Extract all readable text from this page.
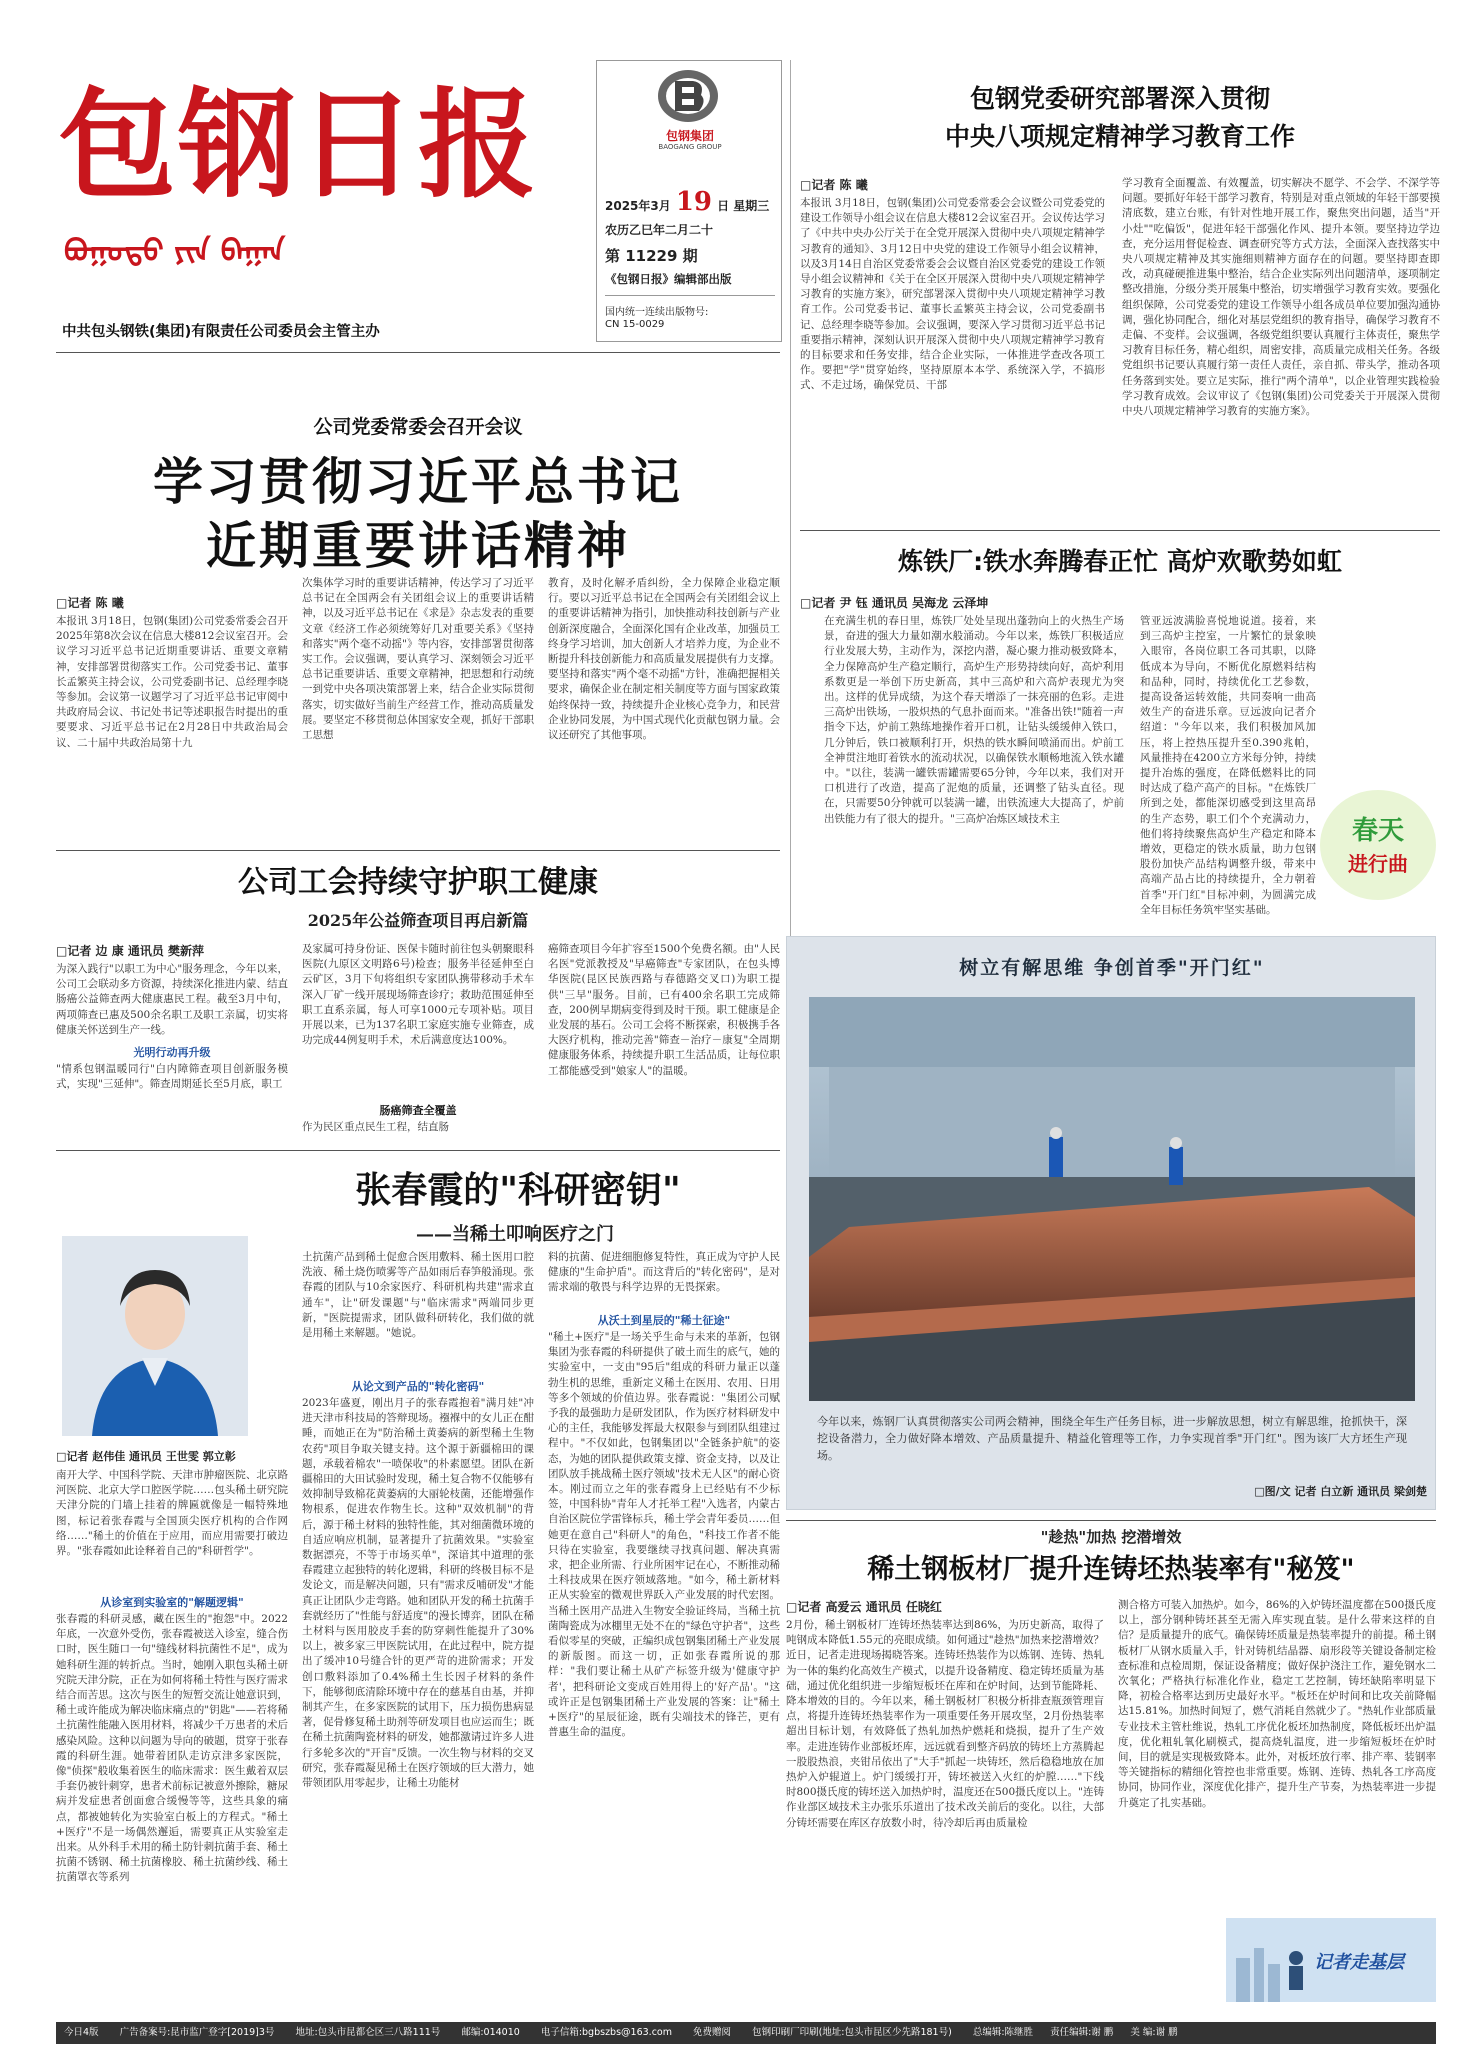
包钢日报
ᠪᠣᠭᠣᠲᠤ ᠶᠢᠨ ᠪᠠᠭᠠᠨ
中共包头钢铁(集团)有限责任公司委员会主管主办
包钢集团
BAOGANG GROUP
2025年3月 19 日 星期三
农历乙巳年二月二十
第 11229 期
《包钢日报》编辑部出版
国内统一连续出版物号:
CN 15-0029
公司党委常委会召开会议
学习贯彻习近平总书记
近期重要讲话精神
□记者 陈 曦
本报讯 3月18日，包钢(集团)公司党委常委会召开2025年第8次会议在信息大楼812会议室召开。会议学习习近平总书记近期重要讲话、重要文章精神，安排部署贯彻落实工作。公司党委书记、董事长孟繁英主持会议，公司党委副书记、总经理李晓等参加。会议第一议题学习了习近平总书记审阅中共政府局会议、书记处书记等述职报告时提出的重要要求、习近平总书记在2月28日中共政治局会议、二十届中共政治局第十九
次集体学习时的重要讲话精神，传达学习了习近平总书记在全国两会有关团组会议上的重要讲话精神，以及习近平总书记在《求是》杂志发表的重要文章《经济工作必须统筹好几对重要关系》《坚持和落实"两个毫不动摇"》等内容，安排部署贯彻落实工作。会议强调，要认真学习、深刻领会习近平总书记重要讲话、重要文章精神，把思想和行动统一到党中央各项决策部署上来，结合企业实际贯彻落实，切实做好当前生产经营工作，推动高质量发展。要坚定不移贯彻总体国家安全观，抓好干部职工思想
教育，及时化解矛盾纠纷，全力保障企业稳定顺行。要以习近平总书记在全国两会有关团组会议上的重要讲话精神为指引，加快推动科技创新与产业创新深度融合，全面深化国有企业改革，加强员工终身学习培训，加大创新人才培养力度，为企业不断提升科技创新能力和高质量发展提供有力支撑。要坚持和落实"两个毫不动摇"方针，准确把握相关要求，确保企业在制定相关制度等方面与国家政策始终保持一致，持续提升企业核心竞争力，和民营企业协同发展，为中国式现代化贡献包钢力量。会议还研究了其他事项。
包钢党委研究部署深入贯彻
中央八项规定精神学习教育工作
□记者 陈 曦
本报讯 3月18日，包钢(集团)公司党委常委会会议暨公司党委党的建设工作领导小组会议在信息大楼812会议室召开。会议传达学习了《中共中央办公厅关于在全党开展深入贯彻中央八项规定精神学习教育的通知》、3月12日中央党的建设工作领导小组会议精神，以及3月14日自治区党委常委会会议暨自治区党委党的建设工作领导小组会议精神和《关于在全区开展深入贯彻中央八项规定精神学习教育的实施方案》，研究部署深入贯彻中央八项规定精神学习教育工作。公司党委书记、董事长孟繁英主持会议，公司党委副书记、总经理李晓等参加。会议强调，要深入学习贯彻习近平总书记重要指示精神，深刻认识开展深入贯彻中央八项规定精神学习教育的目标要求和任务安排，结合企业实际，一体推进学查改各项工作。要把"学"贯穿始终，坚持原原本本学、系统深入学，不搞形式、不走过场，确保党员、干部
学习教育全面覆盖、有效覆盖，切实解决不愿学、不会学、不深学等问题。要抓好年轻干部学习教育，特别是对重点领域的年轻干部要摸清底数，建立台账，有针对性地开展工作，聚焦突出问题，适当"开小灶""吃偏饭"，促进年轻干部强化作风、提升本领。要坚持边学边查，充分运用督促检查、调查研究等方式方法，全面深入查找落实中央八项规定精神及其实施细则精神方面存在的问题。要坚持即查即改，动真碰硬推进集中整治，结合企业实际列出问题清单，逐项制定整改措施，分级分类开展集中整治，切实增强学习教育实效。要强化组织保障，公司党委党的建设工作领导小组各成员单位要加强沟通协调，强化协同配合，细化对基层党组织的教育指导，确保学习教育不走偏、不变样。会议强调，各级党组织要认真履行主体责任，聚焦学习教育目标任务，精心组织，周密安排，高质量完成相关任务。各级党组织书记要认真履行第一责任人责任，亲自抓、带头学，推动各项任务落到实处。要立足实际，推行"两个清单"，以企业管理实践检验学习教育成效。会议审议了《包钢(集团)公司党委关于开展深入贯彻中央八项规定精神学习教育的实施方案》。
炼铁厂:铁水奔腾春正忙 高炉欢歌势如虹
□记者 尹 钰 通讯员 吴海龙 云泽坤
在充满生机的春日里，炼铁厂处处呈现出蓬勃向上的火热生产场景，奋进的强大力量如潮水般涌动。今年以来，炼铁厂积极适应行业发展大势，主动作为，深挖内潜，凝心聚力推动极致降本，全力保障高炉生产稳定顺行，高炉生产形势持续向好，高炉利用系数更是一举创下历史新高，其中三高炉和六高炉表现尤为突出。这样的优异成绩，为这个春天增添了一抹亮丽的色彩。走进三高炉出铁场，一股炽热的气息扑面而来。"准备出铁!"随着一声指令下达，炉前工熟练地操作着开口机，让钻头缓缓伸入铁口，几分钟后，铁口被顺利打开，炽热的铁水瞬间喷涌而出。炉前工全神贯注地盯着铁水的流动状况，以确保铁水顺畅地流入铁水罐中。"以往，装满一罐铁需罐需要65分钟，今年以来，我们对开口机进行了改造，提高了泥炮的质量，还调整了钻头直径。现在，只需要50分钟就可以装满一罐，出铁流速大大提高了，炉前出铁能力有了很大的提升。"三高炉冶炼区域技术主
管亚远波满脸喜悦地说道。接着，来到三高炉主控室，一片繁忙的景象映入眼帘，各岗位职工各司其职，以降低成本为导向，不断优化原燃料结构和品种，同时，持续优化工艺参数，提高设备运转效能，共同奏响一曲高效生产的奋进乐章。豆远波向记者介绍道："今年以来，我们积极加风加压，将上控热压提升至0.390兆帕，风量推持在4200立方米每分钟，持续提升冶炼的强度，在降低燃料比的同时达成了稳产高产的目标。"在炼铁厂所到之处，都能深切感受到这里高昂的生产态势，职工们个个充满动力，他们将持续聚焦高炉生产稳定和降本增效，更稳定的铁水质量，助力包钢股份加快产品结构调整升级，带来中高端产品占比的持续提升，全力朝着首季"开门红"目标冲刺，为圆满完成全年目标任务筑牢坚实基础。
春天
进行曲
公司工会持续守护职工健康
2025年公益筛查项目再启新篇
□记者 边 康 通讯员 樊新萍
为深入践行"以职工为中心"服务理念，今年以来，公司工会联动多方资源，持续深化推进内蒙、结直肠癌公益筛查两大健康惠民工程。截至3月中旬，两项筛查已惠及500余名职工及职工亲属，切实将健康关怀送到生产一线。
光明行动再升级
"情系包钢温暖同行"白内障筛查项目创新服务模式，实现"三延伸"。筛查周期延长至5月底，职工
及家属可持身份证、医保卡随时前往包头朝聚眼科医院(九原区文明路6号)检查；服务半径延伸至白云矿区，3月下旬将组织专家团队携带移动手术车深入厂矿一线开展现场筛查诊疗；救助范围延伸至职工直系亲属，每人可享1000元专项补贴。项目开展以来，已为137名职工家庭实施专业筛查，成功完成44例复明手术，术后满意度达100%。
肠癌筛查全覆盖
作为民区重点民生工程，结直肠
癌筛查项目今年扩容至1500个免费名额。由"人民名医"党派教授及"早癌筛查"专家团队，在包头博华医院(昆区民族西路与春德路交叉口)为职工提供"三早"服务。目前，已有400余名职工完成筛查，200例早期病变得到及时干预。职工健康是企业发展的基石。公司工会将不断探索，积极携手各大医疗机构，推动完善"筛查－治疗－康复"全周期健康服务体系，持续提升职工生活品质，让每位职工都能感受到"娘家人"的温暖。
树立有解思维 争创首季"开门红"
今年以来，炼钢厂认真贯彻落实公司两会精神，围绕全年生产任务目标，进一步解放思想，树立有解思维，抢抓快干，深挖设备潜力，全力做好降本增效、产品质量提升、精益化管理等工作，力争实现首季"开门红"。图为该厂大方坯生产现场。
□图/文 记者 白立新 通讯员 梁剑楚
张春霞的"科研密钥"
——当稀土叩响医疗之门
□记者 赵伟佳 通讯员 王世雯 郭立彰
南开大学、中国科学院、天津市肿瘤医院、北京路河医院、北京大学口腔医学院……包头稀土研究院天津分院的门墙上挂着的牌匾就像是一幅特殊地图，标记着张春霞与全国顶尖医疗机构的合作网络……"稀土的价值在于应用，而应用需要打破边界。"张春霞如此诠释着自己的"科研哲学"。
从诊室到实验室的"解题逻辑"
张春霞的科研灵感，藏在医生的"抱怨"中。2022年底，一次意外受伤，张春霞被送入诊室，缝合伤口时，医生随口一句"缝线材料抗菌性不足"，成为她科研生涯的转折点。当时，她刚入职包头稀土研究院天津分院，正在为如何将稀土特性与医疗需求结合而苦思。这次与医生的短暂交流让她意识到，稀土或许能成为解决临床痛点的"钥匙"——若将稀土抗菌性能融入医用材料，将减少千万患者的术后感染风险。这种以问题为导向的破题，贯穿于张春霞的科研生涯。她带着团队走访京津多家医院，像"侦探"般收集着医生的临床需求：医生戴着双层手套仍被针刺穿，患者术前标记被意外擦除，糖尿病并发症患者创面愈合缓慢等等，这些具象的痛点，都被她转化为实验室白板上的方程式。"稀土+医疗"不是一场偶然邂逅，需要真正从实验室走出来。从外科手术用的稀土防针刺抗菌手套、稀土抗菌不锈钢、稀土抗菌橡胶、稀土抗菌纱线、稀土抗菌罩衣等系列
土抗菌产品到稀土促愈合医用敷料、稀土医用口腔洗液、稀土烧伤喷雾等产品如雨后春笋般涌现。张春霞的团队与10余家医疗、科研机构共建"需求直通车"，让"研发课题"与"临床需求"两端同步更新，"医院提需求，团队做科研转化，我们做的就是用稀土来解题。"她说。
从论文到产品的"转化密码"
2023年盛夏，刚出月子的张春霞抱着"满月娃"冲进天津市科技局的答辩现场。襁褓中的女儿正在酣睡，而她正在为"防治稀土黄萎病的新型稀土生物农药"项目争取关键支持。这个源于新疆棉田的课题，承载着棉农"一喷保收"的朴素愿望。团队在新疆棉田的大田试验时发现，稀土复合物不仅能够有效抑制导致棉花黄萎病的大丽轮枝菌，还能增强作物根系，促进农作物生长。这种"双效机制"的背后，源于稀土材料的独特性能，其对细菌微环境的自适应响应机制，显著提升了抗菌效果。"实验室数据漂亮，不等于市场买单"，深谙其中道理的张春霞建立起独特的转化逻辑，科研的终极目标不是发论文，而是解决问题，只有"需求反哺研发"才能真正让团队少走弯路。她和团队开发的稀土抗菌手套就经历了"性能与舒适度"的漫长博弈，团队在稀土材料与医用胶皮手套的防穿刺性能提升了30%以上，被多家三甲医院试用，在此过程中，院方提出了缓冲10号缝合针的更严苛的进阶需求；开发创口敷料添加了0.4%稀土生长因子材料的条件下，能够彻底清除环境中存在的慈基自由基，并抑制其产生，在多家医院的试用下，压力损伤患病显著，促骨修复稀土助剂等研发项目也应运而生；既在稀土抗菌陶瓷材料的研发，她都激请过许多人进行多轮多次的"开盲"反馈。一次生物与材料的交叉研究，张春霞凝见稀土在医疗领域的巨大潜力，她带领团队用零起步，让稀土功能材
料的抗菌、促进细胞修复特性，真正成为守护人民健康的"生命护盾"。而这背后的"转化密码"，是对需求端的敬畏与科学边界的无畏探索。
从沃土到星辰的"稀土征途"
"稀土+医疗"是一场关乎生命与未来的革新，包钢集团为张春霞的科研提供了破土而生的底气，她的实验室中，一支由"95后"组成的科研力量正以蓬勃生机的思维，重新定义稀土在医用、农用、日用等多个领域的价值边界。张春霞说："集团公司赋予我的最强助力是研发团队，作为医疗材料研发中心的主任，我能够发挥最大权限参与到团队组建过程中。"不仅如此，包钢集团以"全链条护航"的姿态，为她的团队提供政策支撑、资金支持，以及让团队放手挑战稀土医疗领域"技术无人区"的耐心资本。刚过而立之年的张春霞身上已经贴有不少标签，中国科协"青年人才托举工程"入选者，内蒙古自治区院位学雷锋标兵，稀土学会青年委员……但她更在意自己"科研人"的角色，"科技工作者不能只待在实验室，我要继续寻找真问题、解决真需求，把企业所需、行业所困牢记在心，不断推动稀土科技成果在医疗领域落地。"如今，稀土新材料正从实验室的微观世界跃入产业发展的时代宏图。当稀土医用产品进入生物安全验证终局，当稀土抗菌陶瓷成为冰棚里无处不在的"绿色守护者"，这些看似零星的突破，正编织成包钢集团稀土产业发展的新版图。而这一切，正如张春霞所说的那样："我们要让稀土从矿产标签升级为'健康守护者'，把科研论文变成百姓用得上的'好产品'。"这或许正是包钢集团稀土产业发展的答案：让"稀土+医疗"的星辰征途，既有尖端技术的锋芒，更有普惠生命的温度。
"趁热"加热 挖潜增效
稀土钢板材厂提升连铸坯热装率有"秘笈"
□记者 高爱云 通讯员 任晓红
2月份，稀土钢板材厂连铸坯热装率达到86%，为历史新高，取得了吨钢成本降低1.55元的亮眼成绩。如何通过"趁热"加热来挖潜增效？近日，记者走进现场揭晓答案。连铸坯热装作为以炼钢、连铸、热轧为一体的集约化高效生产模式，以提升设备精度、稳定铸坯质量为基础，通过优化组织进一步缩短板坯在库和在炉时间，达到节能降耗、降本增效的目的。今年以来，稀土钢板材厂积极分析排查瓶颈管理盲点，将提升连铸坯热装率作为一项重要任务开展攻坚，2月份热装率超出目标计划，有效降低了热轧加热炉燃耗和烧损，提升了生产效率。走进连铸作业部板坯库，远远就看到整齐码放的铸坯上方蒸腾起一股股热浪，夹钳吊依出了"大手"抓起一块铸坯，然后稳稳地放在加热炉入炉辊道上。炉门缓缓打开，铸坯被送入火红的炉膛……"下线时800摄氏度的铸坯送入加热炉时，温度还在500摄氏度以上。"连铸作业部区域技术主办张乐乐道出了技术改关前后的变化。以往，大部分铸坯需要在库区存放数小时，待冷却后再由质量检
测合格方可装入加热炉。如今，86%的入炉铸坯温度都在500摄氏度以上，部分钢种铸坯甚至无需入库实现直装。是什么带来这样的自信？是质量提升的底气。确保铸坯质量是热装率提升的前提。稀土钢板材厂从钢水质量入手，针对铸机结晶器、扇形段等关键设备制定检查标准和点检周期，保证设备精度；做好保护浇注工作，避免钢水二次氧化；严格执行标准化作业，稳定工艺控制，铸坯缺陷率明显下降，初检合格率达到历史最好水平。"板坯在炉时间和比攻关前降幅达15.81%。加热时间短了，燃气消耗自然就少了。"热轧作业部质量专业技术主管杜维说，热轧工序优化板坯加热制度，降低板坯出炉温度，优化粗轧氧化刷模式，提高烧轧温度，进一步缩短板坯在炉时间，目的就是实现极致降本。此外，对板坯放行率、排产率、装钢率等关键指标的精细化管控也非常重要。炼钢、连铸、热轧各工序高度协同，协同作业，深度优化排产，提升生产节奏，为热装率进一步提升奠定了扎实基础。
记者走基层
今日4版 广告备案号:昆市监广登字[2019]3号 地址:包头市昆都仑区三八路111号 邮编:014010 电子信箱:bgbszbs@163.com 免费赠阅 包钢印刷厂印刷(地址:包头市昆区少先路181号) 总编辑:陈继胜 责任编辑:谢 鹏 美 编:谢 鹏
